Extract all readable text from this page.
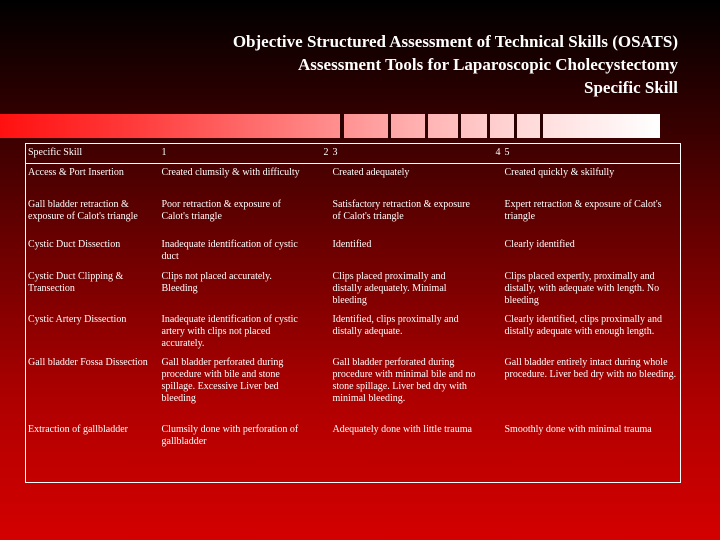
Objective Structured Assessment of Technical Skills (OSATS)
Assessment Tools for Laparoscopic Cholecystectomy
Specific Skill
Specific Skill	1	2	3	4	5
Access & Port Insertion	Created clumsily & with difficulty		Created adequately		Created quickly & skilfully
Gall bladder retraction & exposure of Calot's triangle	Poor retraction & exposure of Calot's triangle		Satisfactory retraction & exposure of Calot's triangle		Expert retraction & exposure of Calot's triangle
Cystic Duct Dissection	Inadequate identification of cystic duct		Identified		Clearly identified
Cystic Duct Clipping & Transection	Clips not placed accurately. Bleeding		Clips placed proximally and distally adequately. Minimal bleeding		Clips placed expertly, proximally and distally, with adequate with length. No bleeding
Cystic Artery Dissection	Inadequate identification of cystic artery with clips not placed accurately.		Identified, clips proximally and distally adequate.		Clearly identified, clips proximally and distally adequate with enough length.
Gall bladder Fossa Dissection	Gall bladder perforated during procedure with bile and stone spillage. Excessive Liver bed bleeding		Gall bladder perforated during procedure with minimal bile and no stone spillage. Liver bed dry with minimal bleeding.		Gall bladder entirely intact during whole procedure. Liver bed dry with no bleeding.
Extraction of gallbladder	Clumsily done with perforation of gallbladder		Adequately done with little trauma		Smoothly done with minimal trauma
